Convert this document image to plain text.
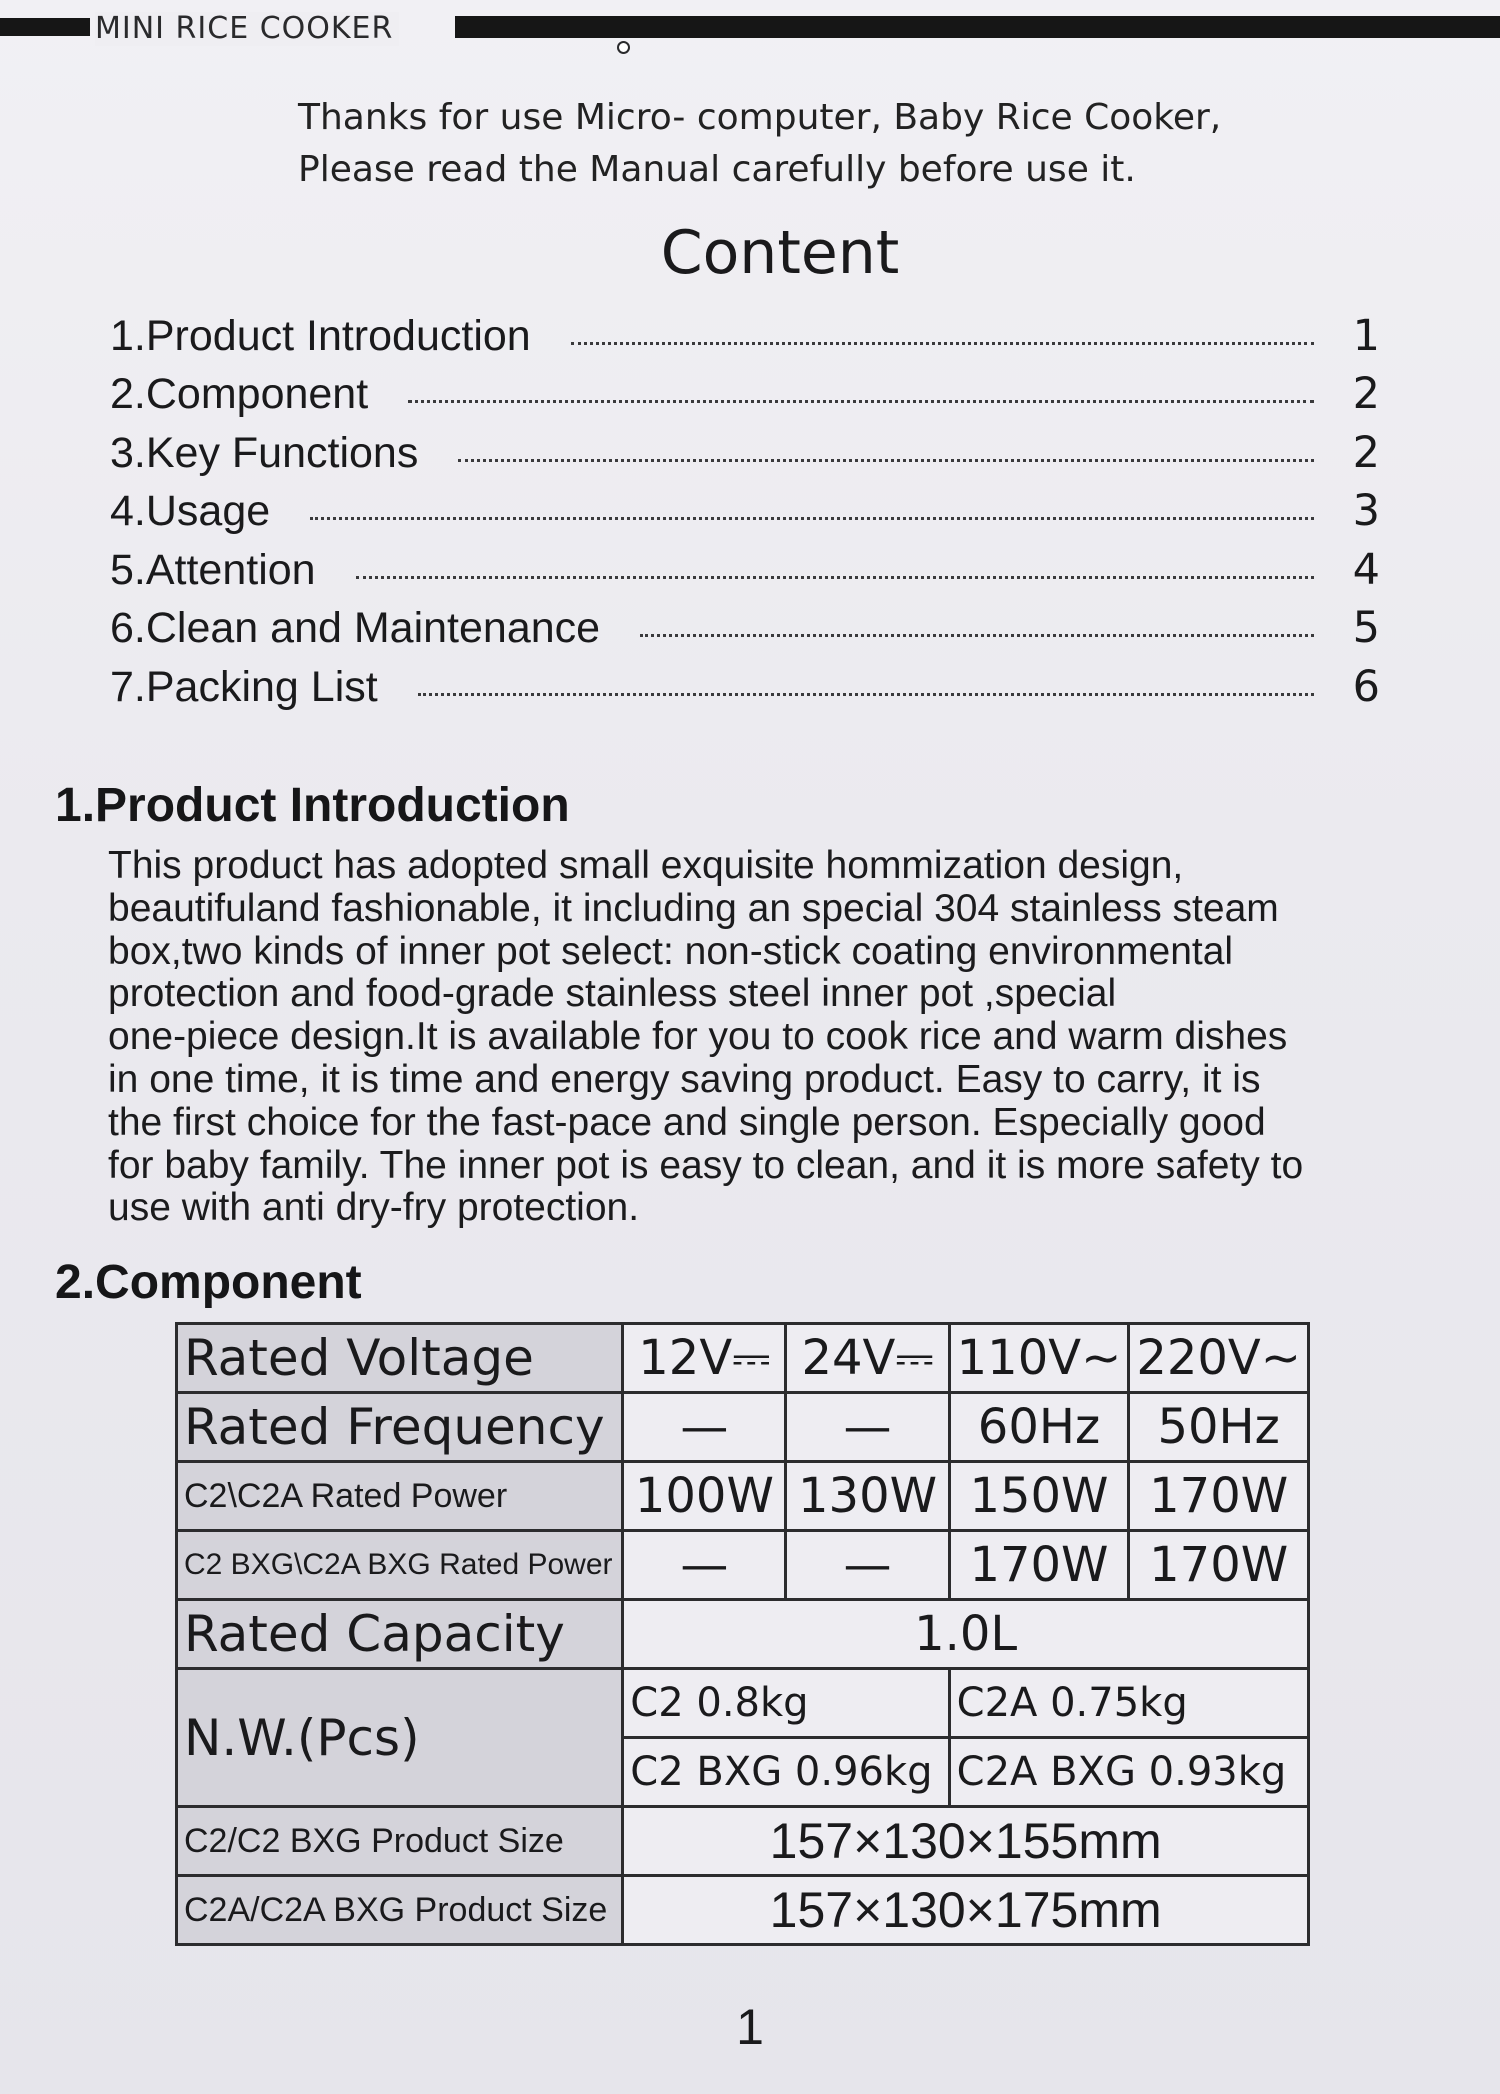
MINI RICE COOKER
Thanks for use Micro- computer, Baby Rice Cooker,
Please read the Manual carefully before use it.
Content
1.Product Introduction	1
2.Component	2
3.Key Functions	2
4.Usage	3
5.Attention	4
6.Clean and Maintenance	5
7.Packing List	6
1.Product Introduction
This product has adopted small exquisite hommization design,
beautifuland fashionable, it including an special 304 stainless steam
box,two kinds of inner pot select: non-stick coating environmental
protection and food-grade stainless steel inner pot ,special
one-piece design.It is available for you to cook rice and warm dishes
in one time, it is time and energy saving product. Easy to carry, it is
the first choice for the fast-pace and single person. Especially good
for baby family. The inner pot is easy to clean, and it is more safety to
use with anti dry-fry protection.
2.Component
Rated Voltage	12V⎓	24V⎓	110V~	220V~
Rated Frequency	—	—	60Hz	50Hz
C2\C2A Rated Power	100W	130W	150W	170W
C2 BXG\C2A BXG Rated Power	—	—	170W	170W
Rated Capacity	1.0L			
N.W.(Pcs)	C2 0.8kg		C2A 0.75kg	
	C2 BXG 0.96kg		C2A BXG 0.93kg	
C2/C2 BXG Product Size	157×130×155mm			
C2A/C2A BXG Product Size	157×130×175mm			
1
